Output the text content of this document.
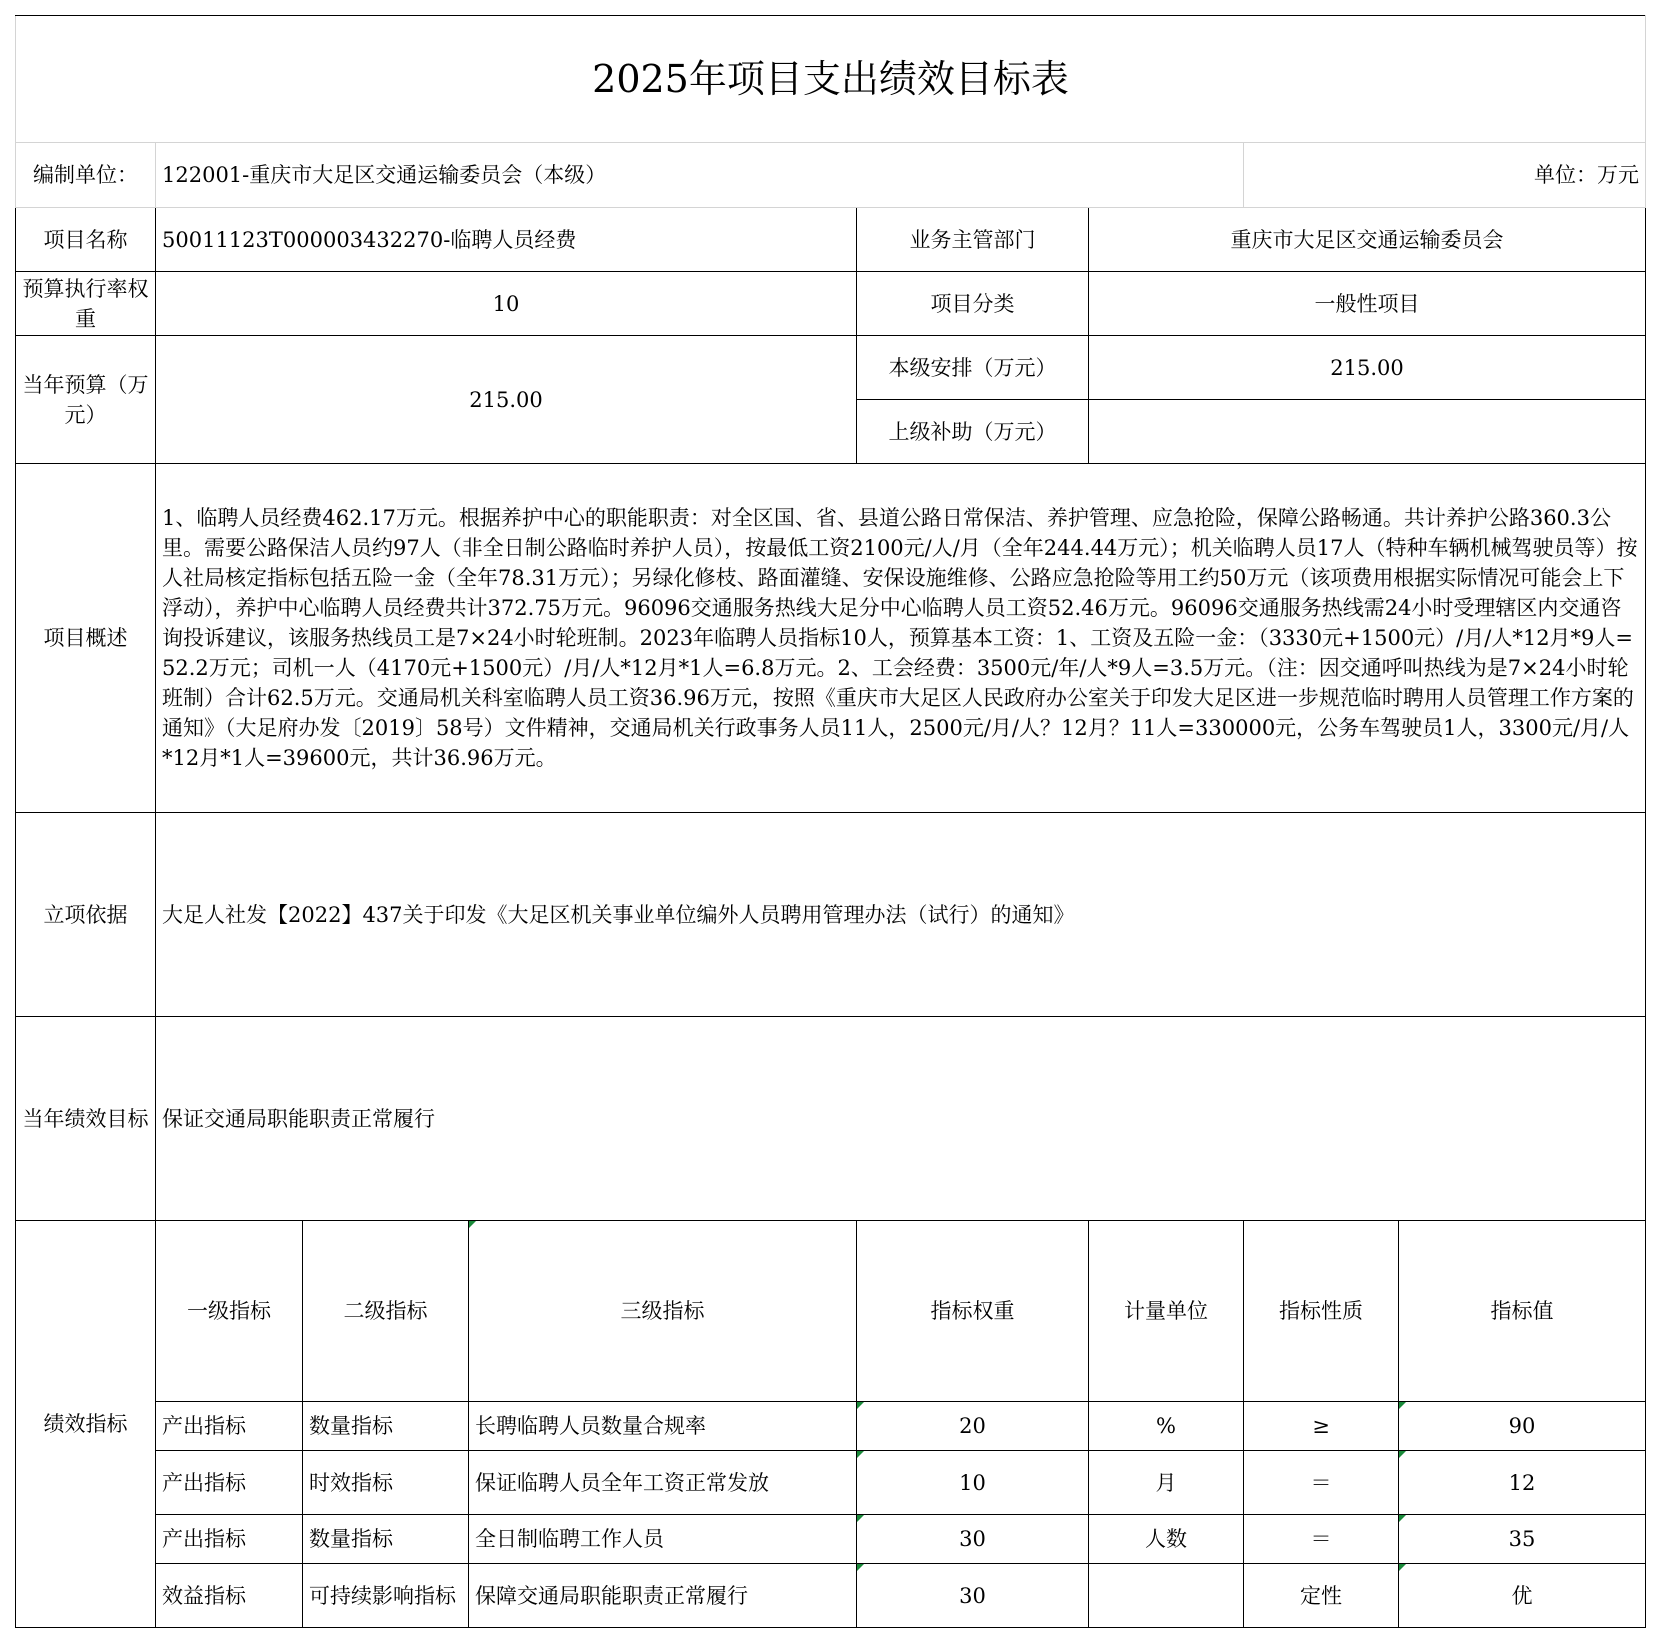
2025年项目支出绩效目标表								
编制单位：	122001-重庆市大足区交通运输委员会（本级）					单位：万元		
项目名称	50011123T000003432270-临聘人员经费			业务主管部门	重庆市大足区交通运输委员会			
预算执行率权重	10			项目分类	一般性项目			
当年预算（万元）	215.00			本级安排（万元）	215.00			
				上级补助（万元）				
项目概述	1、临聘人员经费462.17万元。根据养护中心的职能职责：对全区国、省、县道公路日常保洁、养护管理、应急抢险，保障公路畅通。共计养护公路360.3公里。需要公路保洁人员约97人（非全日制公路临时养护人员），按最低工资2100元/人/月（全年244.44万元）；机关临聘人员17人（特种车辆机械驾驶员等）按人社局核定指标包括五险一金（全年78.31万元）；另绿化修枝、路面灌缝、安保设施维修、公路应急抢险等用工约50万元（该项费用根据实际情况可能会上下浮动），养护中心临聘人员经费共计372.75万元。96096交通服务热线大足分中心临聘人员工资52.46万元。96096交通服务热线需24小时受理辖区内交通咨询投诉建议，该服务热线员工是7×24小时轮班制。2023年临聘人员指标10人，预算基本工资：1、工资及五险一金：（3330元+1500元）/月/人*12月*9人=52.2万元；司机一人（4170元+1500元）/月/人*12月*1人=6.8万元。2、工会经费：3500元/年/人*9人=3.5万元。（注：因交通呼叫热线为是7×24小时轮班制）合计62.5万元。交通局机关科室临聘人员工资36.96万元，按照《重庆市大足区人民政府办公室关于印发大足区进一步规范临时聘用人员管理工作方案的通知》（大足府办发〔2019〕58号）文件精神，交通局机关行政事务人员11人，2500元/月/人？12月？11人=330000元，公务车驾驶员1人，3300元/月/人*12月*1人=39600元，共计36.96万元。							
立项依据	大足人社发【2022】437关于印发《大足区机关事业单位编外人员聘用管理办法（试行）的通知》							
当年绩效目标	保证交通局职能职责正常履行							
绩效指标	一级指标	二级指标	三级指标	指标权重	计量单位	指标性质	指标值	
	产出指标	数量指标	长聘临聘人员数量合规率	20	%	≥	90	
	产出指标	时效指标	保证临聘人员全年工资正常发放	10	月	＝	12	
	产出指标	数量指标	全日制临聘工作人员	30	人数	＝	35	
	效益指标	可持续影响指标	保障交通局职能职责正常履行	30		定性	优	
